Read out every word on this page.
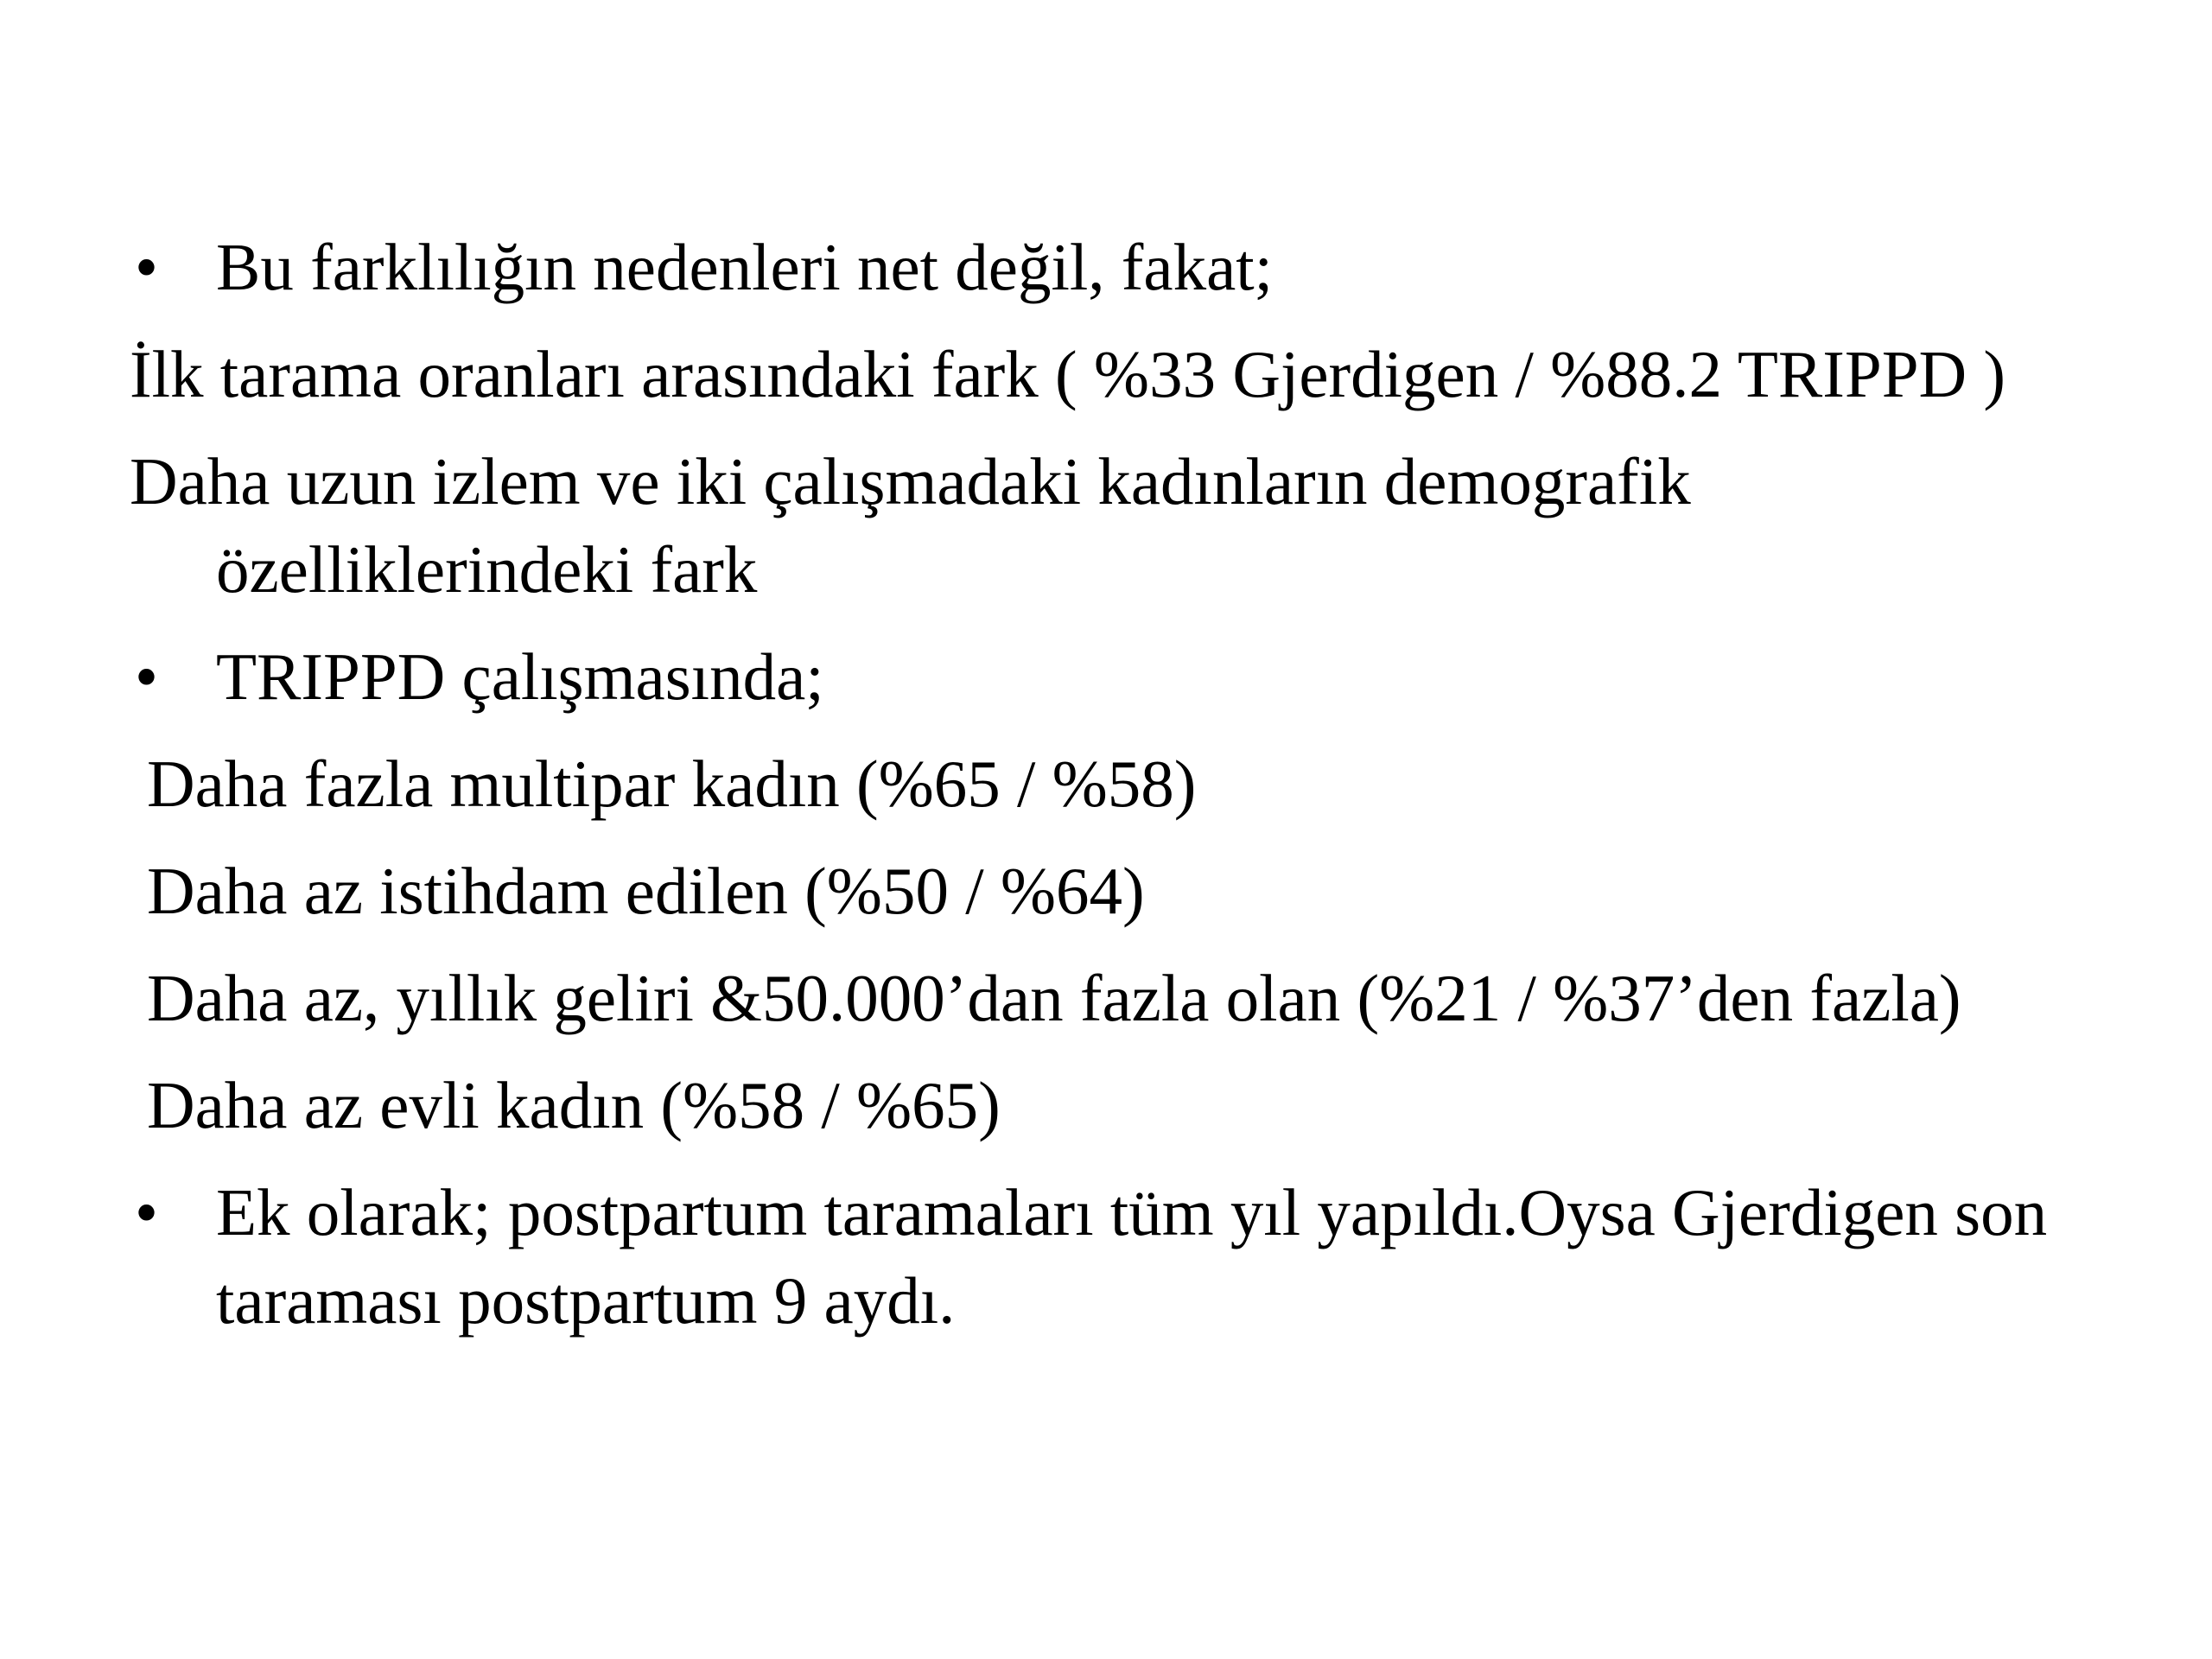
• Bu farklılığın nedenleri net değil, fakat;
İlk tarama oranları arasındaki fark ( %33 Gjerdigen / %88.2 TRIPPD )
Daha uzun izlem ve iki çalışmadaki kadınların demografik özelliklerindeki fark
• TRIPPD çalışmasında;
Daha fazla multipar kadın (%65 / %58)
Daha az istihdam edilen (%50 / %64)
Daha az, yıllık geliri &50.000’dan fazla olan (%21 / %37’den fazla)
Daha az evli kadın (%58 / %65)
• Ek olarak; postpartum taramaları tüm yıl yapıldı.Oysa Gjerdigen son taraması postpartum 9 aydı.
